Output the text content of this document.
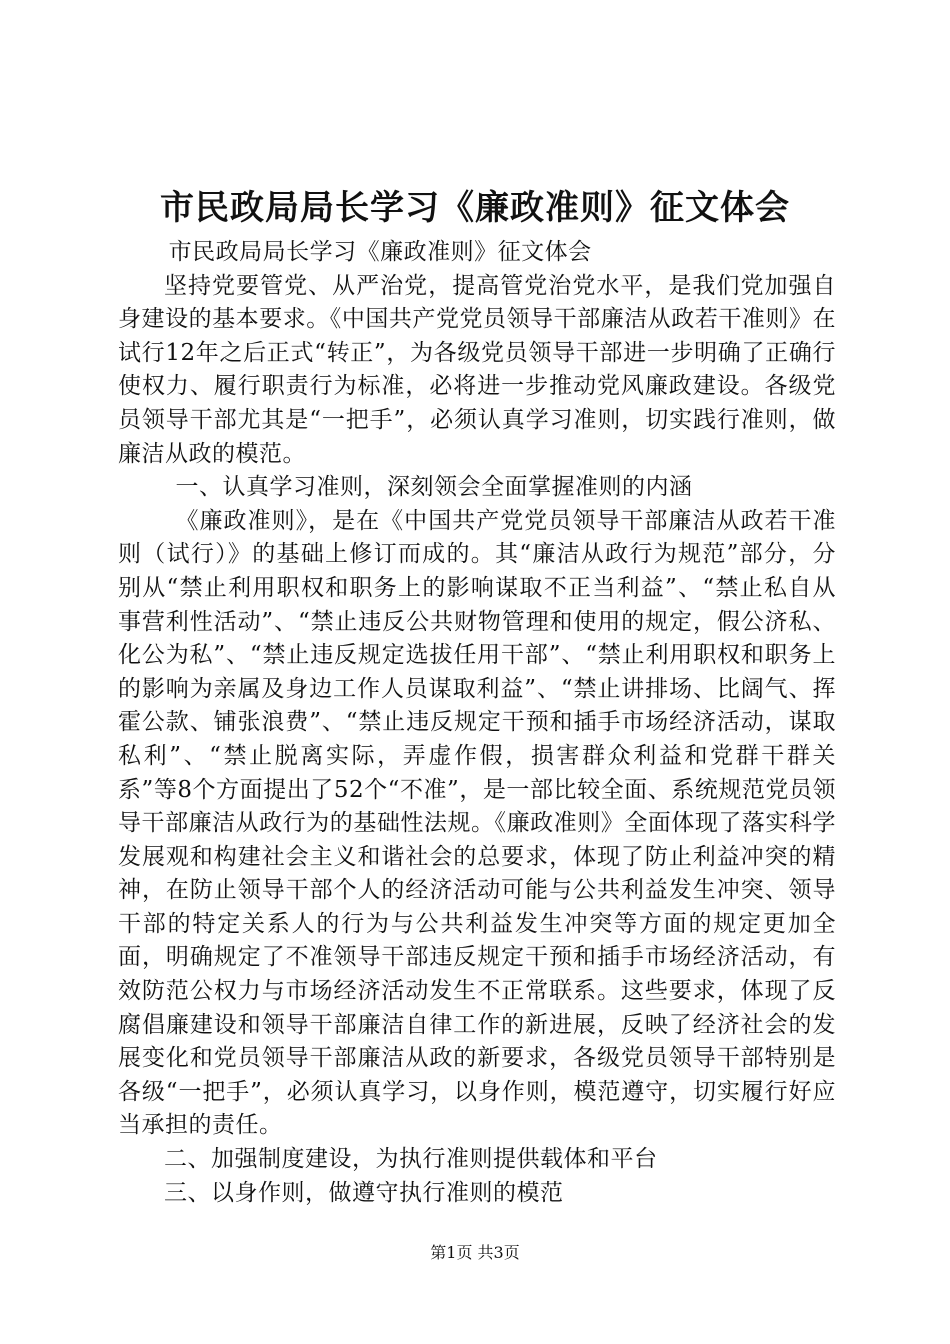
市民政局局长学习《廉政准则》征文体会

市民政局局长学习《廉政准则》征文体会

坚持党要管党、从严治党，提高管党治党水平，是我们党加强自身建设的基本要求。《中国共产党党员领导干部廉洁从政若干准则》在试行12年之后正式“转正”，为各级党员领导干部进一步明确了正确行使权力、履行职责行为标准，必将进一步推动党风廉政建设。各级党员领导干部尤其是“一把手”，必须认真学习准则，切实践行准则，做廉洁从政的模范。

一、认真学习准则，深刻领会全面掌握准则的内涵

《廉政准则》，是在《中国共产党党员领导干部廉洁从政若干准则（试行）》的基础上修订而成的。其“廉洁从政行为规范”部分，分别从“禁止利用职权和职务上的影响谋取不正当利益”、“禁止私自从事营利性活动”、“禁止违反公共财物管理和使用的规定，假公济私、化公为私”、“禁止违反规定选拔任用干部”、“禁止利用职权和职务上的影响为亲属及身边工作人员谋取利益”、“禁止讲排场、比阔气、挥霍公款、铺张浪费”、“禁止违反规定干预和插手市场经济活动，谋取私利”、“禁止脱离实际，弄虚作假，损害群众利益和党群干群关系”等8个方面提出了52个“不准”，是一部比较全面、系统规范党员领导干部廉洁从政行为的基础性法规。《廉政准则》全面体现了落实科学发展观和构建社会主义和谐社会的总要求，体现了防止利益冲突的精神，在防止领导干部个人的经济活动可能与公共利益发生冲突、领导干部的特定关系人的行为与公共利益发生冲突等方面的规定更加全面，明确规定了不准领导干部违反规定干预和插手市场经济活动，有效防范公权力与市场经济活动发生不正常联系。这些要求，体现了反腐倡廉建设和领导干部廉洁自律工作的新进展，反映了经济社会的发展变化和党员领导干部廉洁从政的新要求，各级党员领导干部特别是各级“一把手”，必须认真学习，以身作则，模范遵守，切实履行好应当承担的责任。

二、加强制度建设，为执行准则提供载体和平台

三、以身作则，做遵守执行准则的模范

第1页 共3页
